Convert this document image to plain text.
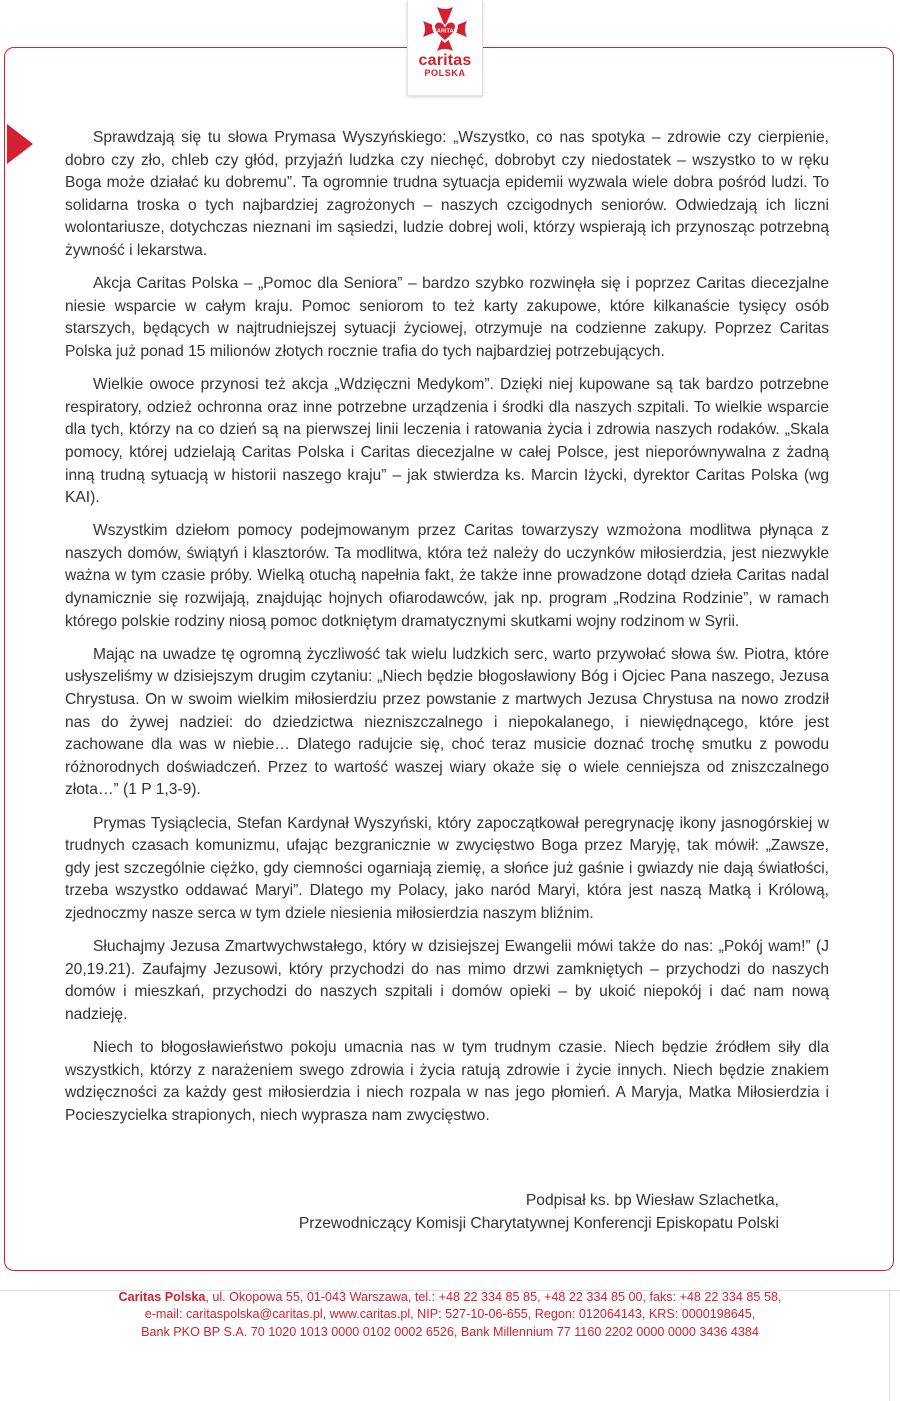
CARITAS
caritas
POLSKA

Sprawdzają się tu słowa Prymasa Wyszyńskiego: „Wszystko, co nas spotyka – zdrowie czy cierpienie, dobro czy zło, chleb czy głód, przyjaźń ludzka czy niechęć, dobrobyt czy niedostatek – wszystko to w ręku Boga może działać ku dobremu”. Ta ogromnie trudna sytuacja epidemii wyzwala wiele dobra pośród ludzi. To solidarna troska o tych najbardziej zagrożonych – naszych czcigodnych seniorów. Odwiedzają ich liczni wolontariusze, dotychczas nieznani im sąsiedzi, ludzie dobrej woli, którzy wspierają ich przynosząc potrzebną żywność i lekarstwa.

Akcja Caritas Polska – „Pomoc dla Seniora” – bardzo szybko rozwinęła się i poprzez Caritas diecezjalne niesie wsparcie w całym kraju. Pomoc seniorom to też karty zakupowe, które kilkanaście tysięcy osób starszych, będących w najtrudniejszej sytuacji życiowej, otrzymuje na codzienne zakupy. Poprzez Caritas Polska już ponad 15 milionów złotych rocznie trafia do tych najbardziej potrzebujących.

Wielkie owoce przynosi też akcja „Wdzięczni Medykom”. Dzięki niej kupowane są tak bardzo potrzebne respiratory, odzież ochronna oraz inne potrzebne urządzenia i środki dla naszych szpitali. To wielkie wsparcie dla tych, którzy na co dzień są na pierwszej linii leczenia i ratowania życia i zdrowia naszych rodaków. „Skala pomocy, której udzielają Caritas Polska i Caritas diecezjalne w całej Polsce, jest nieporównywalna z żadną inną trudną sytuacją w historii naszego kraju” – jak stwierdza ks. Marcin Iżycki, dyrektor Caritas Polska (wg KAI).

Wszystkim dziełom pomocy podejmowanym przez Caritas towarzyszy wzmożona modlitwa płynąca z naszych domów, świątyń i klasztorów. Ta modlitwa, która też należy do uczynków miłosierdzia, jest niezwykle ważna w tym czasie próby. Wielką otuchą napełnia fakt, że także inne prowadzone dotąd dzieła Caritas nadal dynamicznie się rozwijają, znajdując hojnych ofiarodawców, jak np. program „Rodzina Rodzinie”, w ramach którego polskie rodziny niosą pomoc dotkniętym dramatycznymi skutkami wojny rodzinom w Syrii.

Mając na uwadze tę ogromną życzliwość tak wielu ludzkich serc, warto przywołać słowa św. Piotra, które usłyszeliśmy w dzisiejszym drugim czytaniu: „Niech będzie błogosławiony Bóg i Ojciec Pana naszego, Jezusa Chrystusa. On w swoim wielkim miłosierdziu przez powstanie z martwych Jezusa Chrystusa na nowo zrodził nas do żywej nadziei: do dziedzictwa niezniszczalnego i niepokalanego, i niewiędnącego, które jest zachowane dla was w niebie… Dlatego radujcie się, choć teraz musicie doznać trochę smutku z powodu różnorodnych doświadczeń. Przez to wartość waszej wiary okaże się o wiele cenniejsza od zniszczalnego złota…” (1 P 1,3-9).

Prymas Tysiąclecia, Stefan Kardynał Wyszyński, który zapoczątkował peregrynację ikony jasnogórskiej w trudnych czasach komunizmu, ufając bezgranicznie w zwycięstwo Boga przez Maryję, tak mówił: „Zawsze, gdy jest szczególnie ciężko, gdy ciemności ogarniają ziemię, a słońce już gaśnie i gwiazdy nie dają światłości, trzeba wszystko oddawać Maryi”. Dlatego my Polacy, jako naród Maryi, która jest naszą Matką i Królową, zjednoczmy nasze serca w tym dziele niesienia miłosierdzia naszym bliźnim.

Słuchajmy Jezusa Zmartwychwstałego, który w dzisiejszej Ewangelii mówi także do nas: „Pokój wam!” (J 20,19.21). Zaufajmy Jezusowi, który przychodzi do nas mimo drzwi zamkniętych – przychodzi do naszych domów i mieszkań, przychodzi do naszych szpitali i domów opieki – by ukoić niepokój i dać nam nową nadzieję.

Niech to błogosławieństwo pokoju umacnia nas w tym trudnym czasie. Niech będzie źródłem siły dla wszystkich, którzy z narażeniem swego zdrowia i życia ratują zdrowie i życie innych. Niech będzie znakiem wdzięczności za każdy gest miłosierdzia i niech rozpala w nas jego płomień. A Maryja, Matka Miłosierdzia i Pocieszycielka strapionych, niech wyprasza nam zwycięstwo.

Podpisał ks. bp Wiesław Szlachetka,
Przewodniczący Komisji Charytatywnej Konferencji Episkopatu Polski
Caritas Polska, ul. Okopowa 55, 01-043 Warszawa, tel.: +48 22 334 85 85, +48 22 334 85 00, faks: +48 22 334 85 58,
e-mail: caritaspolska@caritas.pl, www.caritas.pl, NIP: 527-10-06-655, Regon: 012064143, KRS: 0000198645,
Bank PKO BP S.A. 70 1020 1013 0000 0102 0002 6526, Bank Millennium 77 1160 2202 0000 0000 3436 4384
